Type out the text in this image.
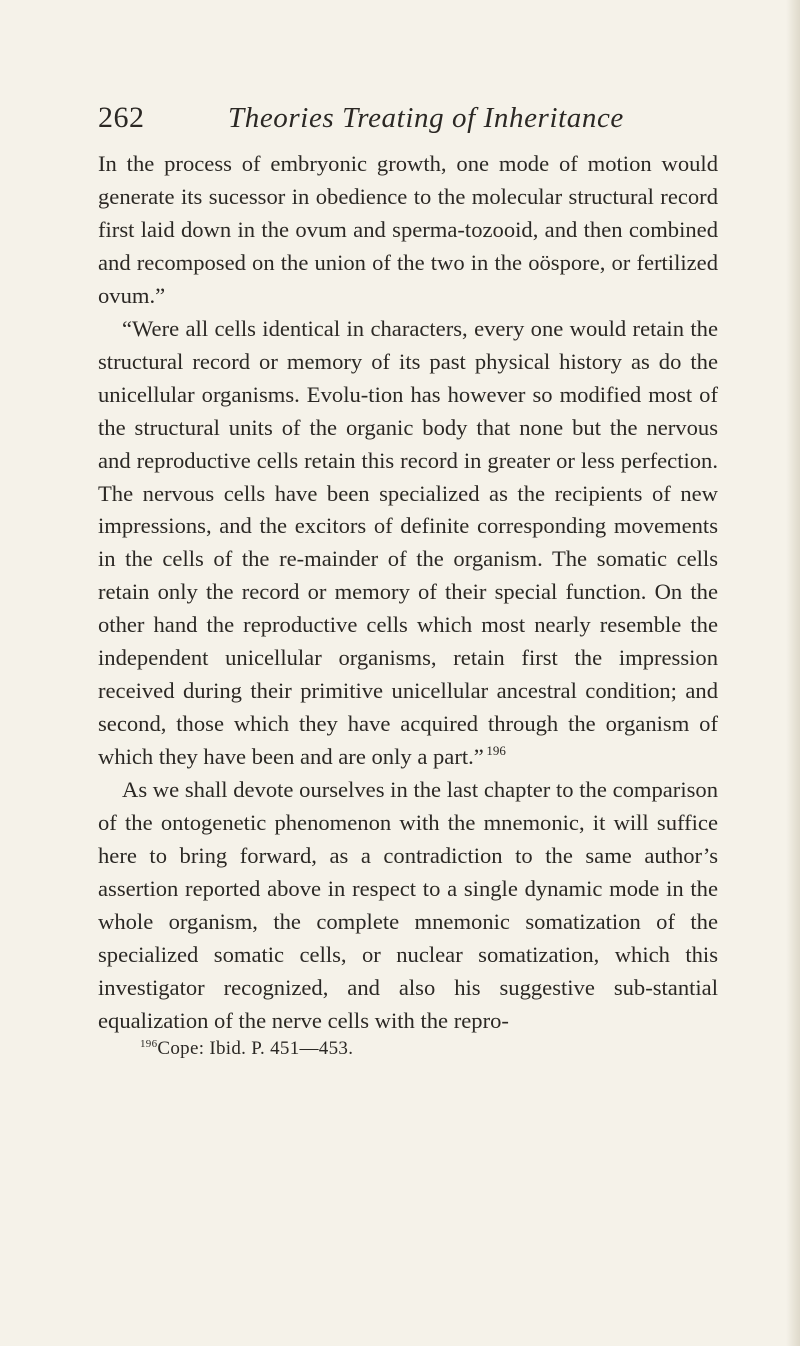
262	Theories Treating of Inheritance

In the process of embryonic growth, one mode of motion would generate its sucessor in obedience to the molecular structural record first laid down in the ovum and sperma-tozooid, and then combined and recomposed on the union of the two in the oöspore, or fertilized ovum.”

“Were all cells identical in characters, every one would retain the structural record or memory of its past physical history as do the unicellular organisms. Evolu-tion has however so modified most of the structural units of the organic body that none but the nervous and reproductive cells retain this record in greater or less perfection. The nervous cells have been specialized as the recipients of new impressions, and the excitors of definite corresponding movements in the cells of the re-mainder of the organism. The somatic cells retain only the record or memory of their special function. On the other hand the reproductive cells which most nearly resemble the independent unicellular organisms, retain first the impression received during their primitive unicellular ancestral condition; and second, those which they have acquired through the organism of which they have been and are only a part.”  $^{196}$

As we shall devote ourselves in the last chapter to the comparison of the ontogenetic phenomenon with the mnemonic, it will suffice here to bring forward, as a contradiction to the same author’s assertion reported above in respect to a single dynamic mode in the whole organism, the complete mnemonic somatization of the specialized somatic cells, or nuclear somatization, which this investigator recognized, and also his suggestive sub-stantial equalization of the nerve cells with the repro-

$^{196}$Cope: Ibid. P. 451—453.
